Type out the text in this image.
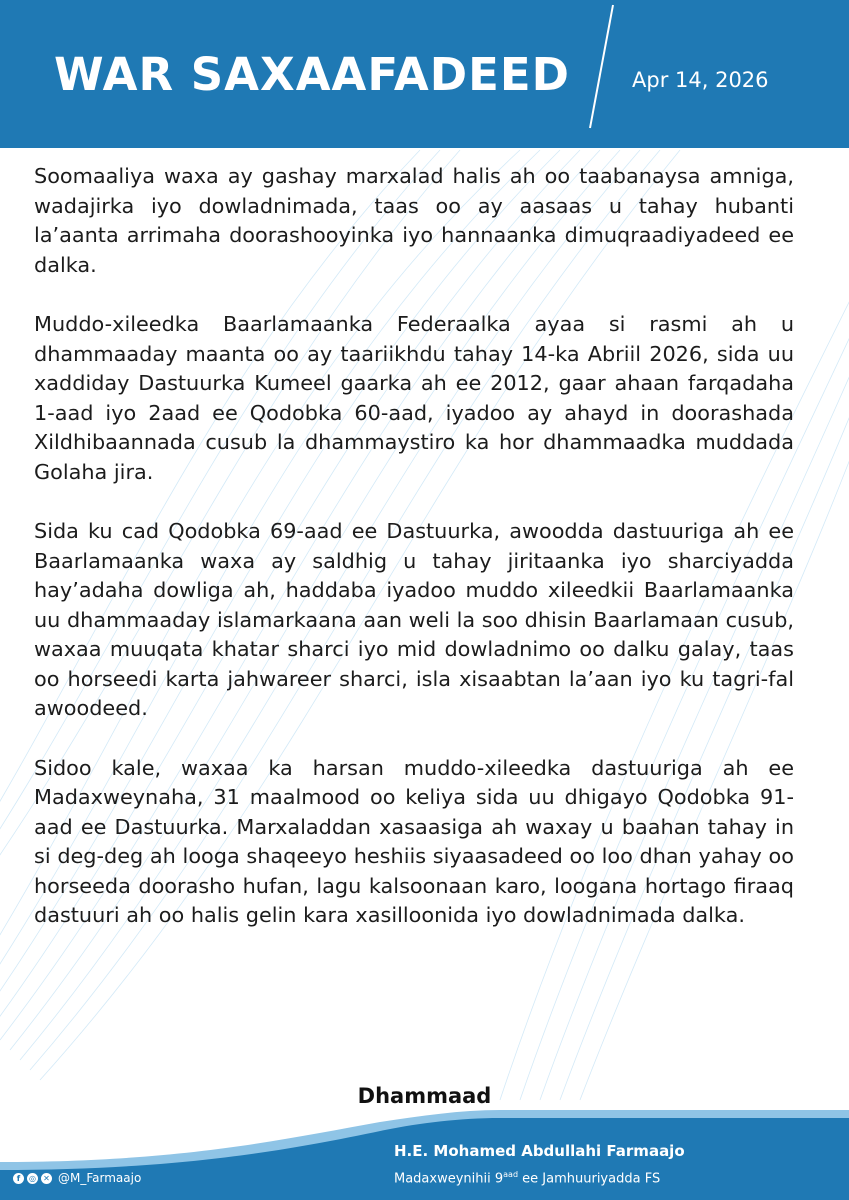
WAR SAXAAFADEED	Apr 14, 2026

Soomaaliya waxa ay gashay marxalad halis ah oo taabanaysa amniga, wadajirka iyo dowladnimada, taas oo ay aasaas u tahay hubanti la’aanta arrimaha doorashooyinka iyo hannaanka dimuqraadiyadeed ee dalka.

Muddo-xileedka Baarlamaanka Federaalka ayaa si rasmi ah u dhammaaday maanta oo ay taariikhdu tahay 14-ka Abriil 2026, sida uu xaddiday Dastuurka Kumeel gaarka ah ee 2012, gaar ahaan farqadaha 1-aad iyo 2aad ee Qodobka 60-aad, iyadoo ay ahayd in doorashada Xildhibaannada cusub la dhammaystiro ka hor dhammaadka muddada Golaha jira.

Sida ku cad Qodobka 69-aad ee Dastuurka, awoodda dastuuriga ah ee Baarlamaanka waxa ay saldhig u tahay jiritaanka iyo sharciyadda hay’adaha dowliga ah, haddaba iyadoo muddo xileedkii Baarlamaanka uu dhammaaday islamarkaana aan weli la soo dhisin Baarlamaan cusub, waxaa muuqata khatar sharci iyo mid dowladnimo oo dalku galay, taas oo horseedi karta jahwareer sharci, isla xisaabtan la’aan iyo ku tagri-fal awoodeed.

Sidoo kale, waxaa ka harsan muddo-xileedka dastuuriga ah ee Madaxweynaha, 31 maalmood oo keliya sida uu dhigayo Qodobka 91-aad ee Dastuurka. Marxaladdan xasaasiga ah waxay u baahan tahay in si deg-deg ah looga shaqeeyo heshiis siyaasadeed oo loo dhan yahay oo horseeda doorasho hufan, lagu kalsoonaan karo, loogana hortago firaaq dastuuri ah oo halis gelin kara xasilloonida iyo dowladnimada dalka.

Dhammaad
f	◎ ✕ @M_Farmaajo
H.E. Mohamed Abdullahi Farmaajo
Madaxweynihii $9^{aad}$ ee Jamhuuriyadda FS
